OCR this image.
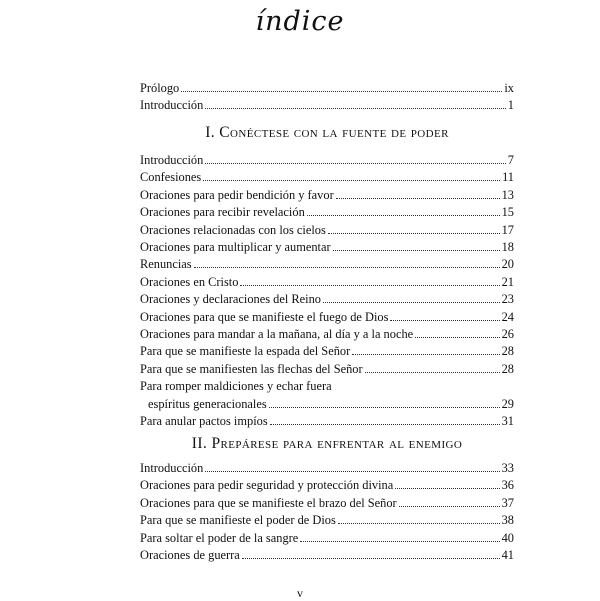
índice
Prólogo	ix
Introducción	1
I. Conéctese con la fuente de poder
Introducción	7
Confesiones	11
Oraciones para pedir bendición y favor	13
Oraciones para recibir revelación	15
Oraciones relacionadas con los cielos	17
Oraciones para multiplicar y aumentar	18
Renuncias	20
Oraciones en Cristo	21
Oraciones y declaraciones del Reino	23
Oraciones para que se manifieste el fuego de Dios	24
Oraciones para mandar a la mañana, al día y a la noche	26
Para que se manifieste la espada del Señor	28
Para que se manifiesten las flechas del Señor	28
Para romper maldiciones y echar fuera
espíritus generacionales	29
Para anular pactos impíos	31
II. Prepárese para enfrentar al enemigo
Introducción	33
Oraciones para pedir seguridad y protección divina	36
Oraciones para que se manifieste el brazo del Señor	37
Para que se manifieste el poder de Dios	38
Para soltar el poder de la sangre	40
Oraciones de guerra	41
v
